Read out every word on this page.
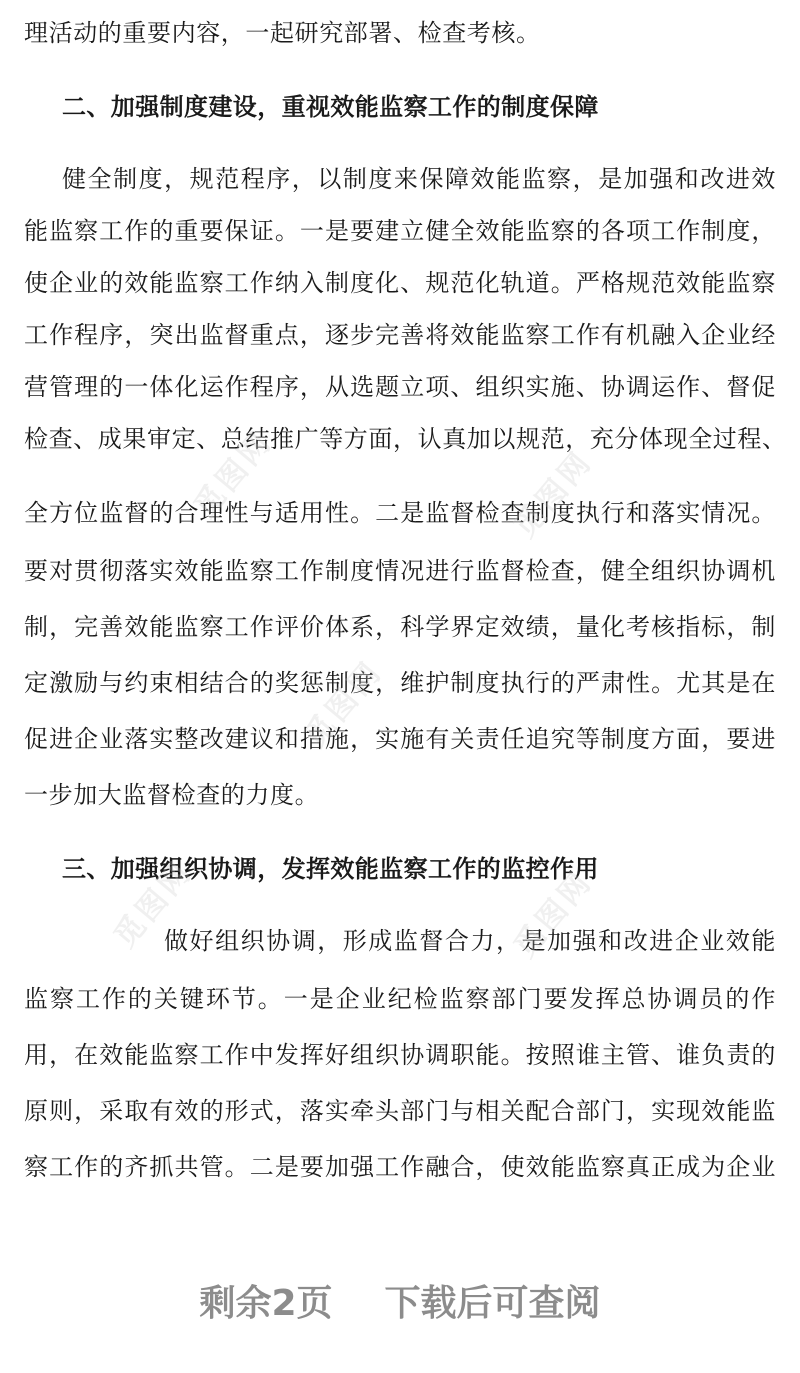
理活动的重要内容，一起研究部署、检查考核。
二、加强制度建设，重视效能监察工作的制度保障
健全制度，规范程序，以制度来保障效能监察，是加强和改进效
能监察工作的重要保证。一是要建立健全效能监察的各项工作制度，
使企业的效能监察工作纳入制度化、规范化轨道。严格规范效能监察
工作程序，突出监督重点，逐步完善将效能监察工作有机融入企业经
营管理的一体化运作程序，从选题立项、组织实施、协调运作、督促
检查、成果审定、总结推广等方面，认真加以规范，充分体现全过程、
全方位监督的合理性与适用性。二是监督检查制度执行和落实情况。
要对贯彻落实效能监察工作制度情况进行监督检查，健全组织协调机
制，完善效能监察工作评价体系，科学界定效绩，量化考核指标，制
定激励与约束相结合的奖惩制度，维护制度执行的严肃性。尤其是在
促进企业落实整改建议和措施，实施有关责任追究等制度方面，要进
一步加大监督检查的力度。
三、加强组织协调，发挥效能监察工作的监控作用
做好组织协调，形成监督合力，是加强和改进企业效能
监察工作的关键环节。一是企业纪检监察部门要发挥总协调员的作
用，在效能监察工作中发挥好组织协调职能。按照谁主管、谁负责的
原则，采取有效的形式，落实牵头部门与相关配合部门，实现效能监
察工作的齐抓共管。二是要加强工作融合，使效能监察真正成为企业
觅图网	觅图网
觅图网
觅图网	觅图网
剩余2页 下载后可查阅
